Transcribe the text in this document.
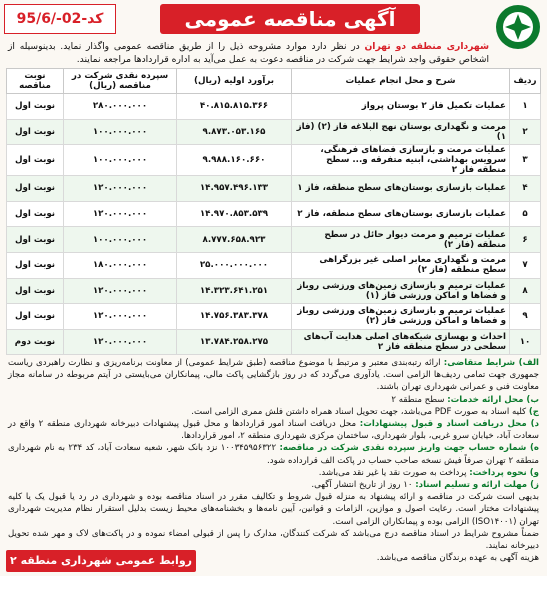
آگهی مناقصه عمومی
95/6/-02-کد
شهرداری منطقه دو تهران در نظر دارد موارد مشروحه ذیل را از طریق مناقصه عمومی واگذار نماید. بدینوسیله از اشخاص حقوقی واجد شرایط جهت شرکت در مناقصه دعوت به عمل می‌آید به اداره قراردادها مراجعه نمایند.
ردیف	شرح و محل انجام عملیات	برآورد اولیه (ریال)	سپرده نقدی شرکت در مناقصه (ریال)	نوبت مناقصه
۱	عملیات تکمیل فاز ۲ بوستان پرواز	۴۰.۸۱۵.۸۱۵.۳۶۶	۲۸۰.۰۰۰.۰۰۰	نوبت اول
۲	مرمت و نگهداری بوستان نهج البلاغه فاز (۲) (فاز ۱)	۹.۸۷۳.۰۵۳.۱۶۵	۱۰۰.۰۰۰.۰۰۰	نوبت اول
۳	عملیات مرمت و بازسازی فضاهای فرهنگی، سرویس بهداشتی، ابنیه متفرقه و... سطح منطقه فاز ۲	۹.۹۸۸.۱۶۰.۶۶۰	۱۰۰.۰۰۰.۰۰۰	نوبت اول
۴	عملیات بازسازی بوستان‌های سطح منطقه، فاز ۱	۱۴.۹۵۷.۴۹۶.۱۳۳	۱۲۰.۰۰۰.۰۰۰	نوبت اول
۵	عملیات بازسازی بوستان‌های سطح منطقه، فاز ۲	۱۴.۹۷۰.۸۵۳.۵۳۹	۱۲۰.۰۰۰.۰۰۰	نوبت اول
۶	عملیات ترمیم و مرمت دیوار حائل در سطح منطقه (فاز ۲)	۸.۷۷۷.۶۵۸.۹۲۳	۱۰۰.۰۰۰.۰۰۰	نوبت اول
۷	مرمت و نگهداری معابر اصلی غیر بزرگراهی سطح منطقه (فاز ۲)	۲۵.۰۰۰.۰۰۰.۰۰۰	۱۸۰.۰۰۰.۰۰۰	نوبت اول
۸	عملیات ترمیم و بازسازی زمین‌های ورزشی روباز و فضاها و اماکن ورزشی فاز (۱)	۱۴.۳۲۳.۶۴۱.۲۵۱	۱۲۰.۰۰۰.۰۰۰	نوبت اول
۹	عملیات ترمیم و بازسازی زمین‌های ورزشی روباز و فضاها و اماکن ورزشی فاز (۲)	۱۴.۷۵۶.۳۸۳.۳۷۸	۱۲۰.۰۰۰.۰۰۰	نوبت اول
۱۰	احداث و بهسازی شبکه‌های اصلی هدایت آب‌های سطحی در سطح منطقه فاز ۲	۱۳.۷۸۴.۲۵۸.۲۷۵	۱۲۰.۰۰۰.۰۰۰	نوبت دوم
الف) شرایط متقاضی: ارائه رتبه‌بندی معتبر و مرتبط با موضوع مناقصه (طبق شرایط عمومی) از معاونت برنامه‌ریزی و نظارت راهبردی ریاست جمهوری جهت تمامی ردیف‌ها الزامی است. یادآوری می‌گردد که در روز بازگشایی پاکت مالی، پیمانکاران می‌بایستی در آیتم مربوطه در سامانه مجاز معاونت فنی و عمرانی شهرداری تهران باشند.
ب) محل ارائه خدمات: سطح منطقه ۲
ج) کلیه اسناد به صورت PDF می‌باشد، جهت تحویل اسناد همراه داشتن فلش ممری الزامی است.
د) محل دریافت اسناد و قبول پیشنهادات: محل دریافت اسناد امور قراردادها و محل قبول پیشنهادات دبیرخانه شهرداری منطقه ۲ واقع در سعادت آباد، خیابان سرو غربی، بلوار شهرداری، ساختمان مرکزی شهرداری منطقه ۲، امور قراردادها.
ه) شماره حساب جهت واریز سپرده نقدی شرکت در مناقصه: ۱۰۰۳۴۵۹۵۶۳۲۲ نزد بانک شهر، شعبه سعادت آباد، کد ۲۳۴ به نام شهرداری منطقه ۲ تهران صرفاً فیش نسخه صاحب حساب در پاکت الف قرارداده شود.
و) نحوه پرداخت: پرداخت به صورت نقد یا غیر نقد می‌باشد.
ز) مهلت ارائه و تسلیم اسناد: ۱۰ روز از تاریخ انتشار آگهی.
بدیهی است شرکت در مناقصه و ارائه پیشنهاد به منزله قبول شروط و تکالیف مقرر در اسناد مناقصه بوده و شهرداری در رد یا قبول یک یا کلیه پیشنهادات مختار است. رعایت اصول و موازین، الزامات و قوانین، آیین نامه‌ها و بخشنامه‌های محیط زیست بدلیل استقرار نظام مدیریت شهرداری تهران (ISO۱۴۰۰۱) الزامی بوده و پیمانکاران الزامی است.
ضمناً مشروح شرایط در اسناد مناقصه درج می‌باشد که شرکت کنندگان، مدارک را پس از قبولی امضاء نموده و در پاکت‌های لاک و مهر شده تحویل دبیرخانه نمایند.
هزینه آگهی به عهده برندگان مناقصه می‌باشد.
روابط عمومی شهرداری منطقه ۲ تهران
